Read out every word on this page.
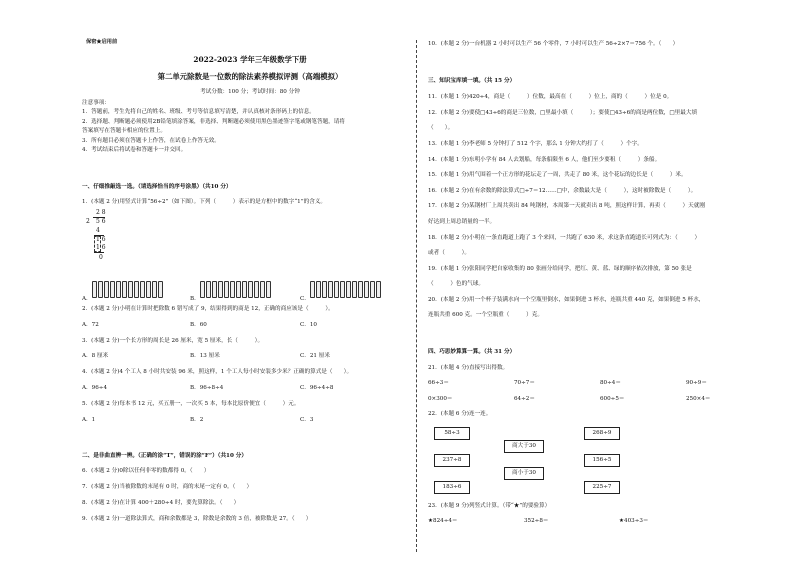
保密★启用前
2022-2023 学年三年级数学下册
第二单元除数是一位数的除法素养模拟评测（高端模拟）
考试分数：100 分；考试时间：80 分钟
注意事项：
1．答题前，考生先将自己的姓名、班级、考号等信息填写清楚，并认真核对条形码上的信息。
2．选择题、判断题必须使用2B铅笔填涂答案，非选择、判断题必须使用黑色墨迹签字笔或钢笔答题，请将
答案填写在答题卡相应的位置上。
3．所有题目必须在答题卡上作答，在试卷上作答无效。
4．考试结束后将试卷和答题卡一并交回。
一、仔细推敲选一选。（请选择恰当的序号涂黑）（共10 分）
1．(本题 2 分)用竖式计算“56÷2”（如下图）。下列（　　　）表示的是方框中的数字“1”的含义。
2 8
2 5 6
4
1 6
1 6
0
A．	B．	C．
2．(本题 2 分)小明在计算时把除数 6 错写成了 9，结果得到的商是 12，正确的商应该是（　　　）。
A．72	B．60	C．10
3．(本题 2 分)一个长方形的周长是 26 厘米，宽 5 厘米，长（　　　）。
A．8 厘米	B．13 厘米	C．21 厘米
4．(本题 2 分)4 个工人 8 小时共安装 96 米，照这样，1 个工人每小时安装多少米？正确的算式是（　　）。
A．96÷4	B．96÷8÷4	C．96÷4÷8
5．(本题 2 分)每本书 12 元，买五册一，一次买 5 本，每本比原价便宜（　　　）元。
A．1	B．2	C．3
二、是非曲直辨一辨。（正确的涂“T”，错误的涂“F”）（共10 分）
6．(本题 2 分)0除以任何非零的数都得 0。（　　）
7．(本题 2 分)当被除数的末尾有 0 时，商的末尾一定有 0。（　　）
8．(本题 2 分)在计算 400＋280÷4 时，要先算除法。（　　）
9．(本题 2 分)一道除法算式，商和余数都是 3，除数是余数的 3 倍，被除数是 27。（　　）
10．(本题 2 分)一台机器 2 小时可以生产 56 个零件，7 小时可以生产 56÷2×7＝756 个。（　　）
三、知识宝库填一填。（共 15 分）
11．(本题 1 分)420÷4，商是（　　　）位数，最高在（　　　）位上，商的（　　　）位是 0。
12．(本题 2 分)要使□43÷6的商是三位数，□里最小填（　　　）；要使□43÷6的商是两位数，□里最大填
（　　）。
13．(本题 1 分)李老师 5 分钟打了 512 个字，那么 1 分钟大约打了（　　　）个字。
14．(本题 1 分)东明小学有 84 人去划船，每条船限坐 6 人，他们至少要租（　　　）条船。
15．(本题 1 分)用气围着一个正方形的花坛走了一周，共走了 80 米，这个花坛的边长是（　　　）米。
16．(本题 2 分)在有余数的除法算式□÷7＝12……□中，余数最大是（　　　），这时被除数是（　　　）。
17．(本题 2 分)某钢材厂上周共卖出 84 吨钢材，本周第一天就卖出 8 吨，照这样计算，再卖（　　　）天就刚
好达到上周总销量的一半。
18．(本题 2 分)小明在一条直跑道上跑了 3 个来回，一共跑了 630 米，求这条直跑道长可列式为：（　　　）
或者（　　　）。
19．(本题 1 分)张阳同学把自家收集的 80 张画分给同学，把红、黄、蓝、绿的顺序依次排放，第 50 张是
（　　　）色的气球。
20．(本题 2 分)用一个杯子装满水向一个空瓶里倒水，如果倒进 3 杯水，连瓶共重 440 克，如果倒进 5 杯水，
连瓶共重 600 克。一个空瓶重（　　　）克。
四、巧思妙算算一算。（共 31 分）
21．(本题 4 分)直接写出得数。
66÷3＝	70÷7＝	80÷4＝	90÷9＝
0×300＝	64÷2＝	600÷5＝	250×4＝
22．(本题 6 分)连一连。
58÷3
237÷8
183÷6
商大于30
商小于30
268÷9
156÷5
225÷7
23．(本题 9 分)列竖式计算。（带“★”的要验算）
★824÷4＝	352÷8＝	★403÷3＝
